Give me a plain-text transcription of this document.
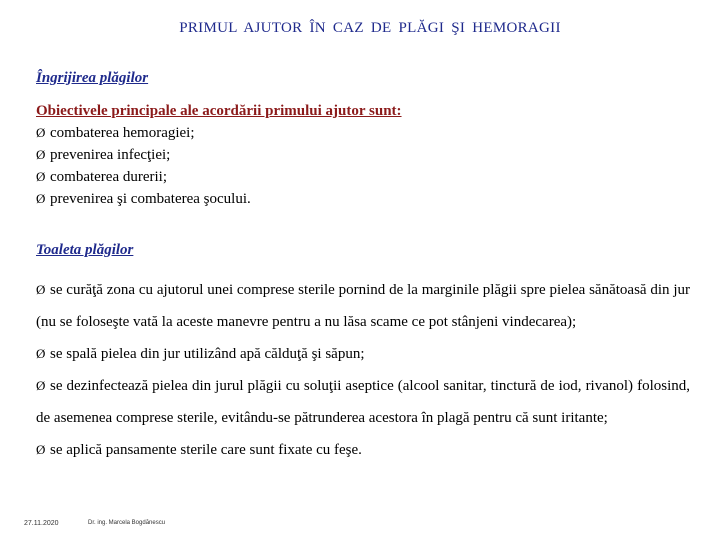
PRIMUL AJUTOR ÎN CAZ DE PLĂGI ŞI HEMORAGII
Îngrijirea plăgilor
Obiectivele principale ale acordării primului ajutor sunt:
Ø combaterea hemoragiei;
Ø prevenirea infecţiei;
Ø combaterea durerii;
Ø prevenirea şi combaterea şocului.
Toaleta plăgilor

Ø se curăţă zona cu ajutorul unei comprese sterile pornind de la marginile plăgii spre pielea sănătoasă din jur (nu se foloseşte vată la aceste manevre pentru a nu lăsa scame ce pot stânjeni vindecarea);

Ø se spală pielea din jur utilizând apă călduţă şi săpun;

Ø se dezinfectează pielea din jurul plăgii cu soluţii aseptice (alcool sanitar, tinctură de iod, rivanol) folosind, de asemenea comprese sterile, evitându-se pătrunderea acestora în plagă pentru că sunt iritante;

Ø se aplică pansamente sterile care sunt fixate cu feşe.

27.11.2020	Dr. ing. Marcela Bogdănescu
